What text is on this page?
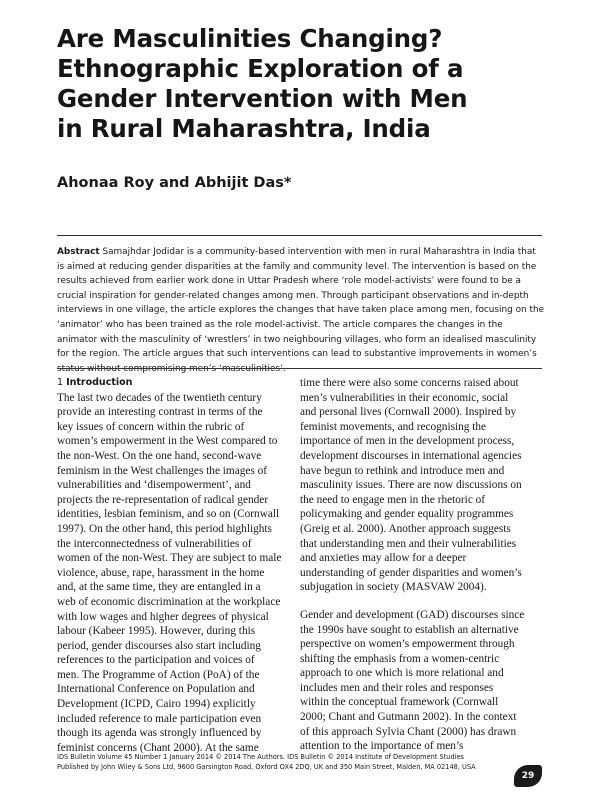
Are Masculinities Changing?
Ethnographic Exploration of a
Gender Intervention with Men
in Rural Maharashtra, India

Ahonaa Roy and Abhijit Das*

Abstract Samajhdar Jodidar is a community-based intervention with men in rural Maharashtra in India that
is aimed at reducing gender disparities at the family and community level. The intervention is based on the
results achieved from earlier work done in Uttar Pradesh where ‘role model-activists’ were found to be a
crucial inspiration for gender-related changes among men. Through participant observations and in-depth
interviews in one village, the article explores the changes that have taken place among men, focusing on the
‘animator’ who has been trained as the role model-activist. The article compares the changes in the
animator with the masculinity of ‘wrestlers’ in two neighbouring villages, who form an idealised masculinity
for the region. The article argues that such interventions can lead to substantive improvements in women’s
status without compromising men’s ‘masculinities’.
1 Introduction
The last two decades of the twentieth century
provide an interesting contrast in terms of the
key issues of concern within the rubric of
women’s empowerment in the West compared to
the non-West. On the one hand, second-wave
feminism in the West challenges the images of
vulnerabilities and ‘disempowerment’, and
projects the re-representation of radical gender
identities, lesbian feminism, and so on (Cornwall
1997). On the other hand, this period highlights
the interconnectedness of vulnerabilities of
women of the non-West. They are subject to male
violence, abuse, rape, harassment in the home
and, at the same time, they are entangled in a
web of economic discrimination at the workplace
with low wages and higher degrees of physical
labour (Kabeer 1995). However, during this
period, gender discourses also start including
references to the participation and voices of
men. The Programme of Action (PoA) of the
International Conference on Population and
Development (ICPD, Cairo 1994) explicitly
included reference to male participation even
though its agenda was strongly influenced by
feminist concerns (Chant 2000). At the same
time there were also some concerns raised about
men’s vulnerabilities in their economic, social
and personal lives (Cornwall 2000). Inspired by
feminist movements, and recognising the
importance of men in the development process,
development discourses in international agencies
have begun to rethink and introduce men and
masculinity issues. There are now discussions on
the need to engage men in the rhetoric of
policymaking and gender equality programmes
(Greig et al. 2000). Another approach suggests
that understanding men and their vulnerabilities
and anxieties may allow for a deeper
understanding of gender disparities and women’s
subjugation in society (MASVAW 2004).
Gender and development (GAD) discourses since
the 1990s have sought to establish an alternative
perspective on women’s empowerment through
shifting the emphasis from a women-centric
approach to one which is more relational and
includes men and their roles and responses
within the conceptual framework (Cornwall
2000; Chant and Gutmann 2002). In the context
of this approach Sylvia Chant (2000) has drawn
attention to the importance of men’s
IDS Bulletin Volume 45 Number 1 January 2014 © 2014 The Authors. IDS Bulletin © 2014 Institute of Development Studies
Published by John Wiley & Sons Ltd, 9600 Garsington Road, Oxford OX4 2DQ, UK and 350 Main Street, Malden, MA 02148, USA
29
